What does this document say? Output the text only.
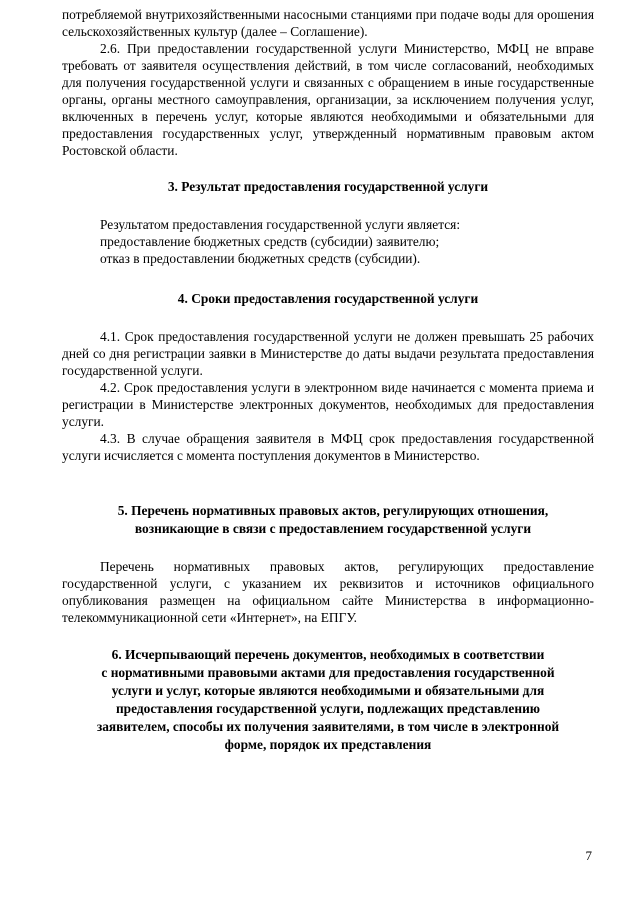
потребляемой внутрихозяйственными насосными станциями при подаче воды для орошения сельскохозяйственных культур (далее – Соглашение).

2.6. При предоставлении государственной услуги Министерство, МФЦ не вправе требовать от заявителя осуществления действий, в том числе согласований, необходимых для получения государственной услуги и связанных с обращением в иные государственные органы, органы местного самоуправления, организации, за исключением получения услуг, включенных в перечень услуг, которые являются необходимыми и обязательными для предоставления государственных услуг, утвержденный нормативным правовым актом Ростовской области.

3. Результат предоставления государственной услуги

Результатом предоставления государственной услуги является:

предоставление бюджетных средств (субсидии) заявителю;

отказ в предоставлении бюджетных средств (субсидии).

4. Сроки предоставления государственной услуги

4.1. Срок предоставления государственной услуги не должен превышать 25 рабочих дней со дня регистрации заявки в Министерстве до даты выдачи результата предоставления государственной услуги.

4.2. Срок предоставления услуги в электронном виде начинается с момента приема и регистрации в Министерстве электронных документов, необходимых для предоставления услуги.

4.3. В случае обращения заявителя в МФЦ срок предоставления государственной услуги исчисляется с момента поступления документов в Министерство.

5. Перечень нормативных правовых актов, регулирующих отношения,
возникающие в связи с предоставлением государственной услуги

Перечень нормативных правовых актов, регулирующих предоставление государственной услуги, с указанием их реквизитов и источников официального опубликования размещен на официальном сайте Министерства в информационно-телекоммуникационной сети «Интернет», на ЕПГУ.

6. Исчерпывающий перечень документов, необходимых в соответствии
с нормативными правовыми актами для предоставления государственной
услуги и услуг, которые являются необходимыми и обязательными для
предоставления государственной услуги, подлежащих представлению
заявителем, способы их получения заявителями, в том числе в электронной
форме, порядок их представления
7
